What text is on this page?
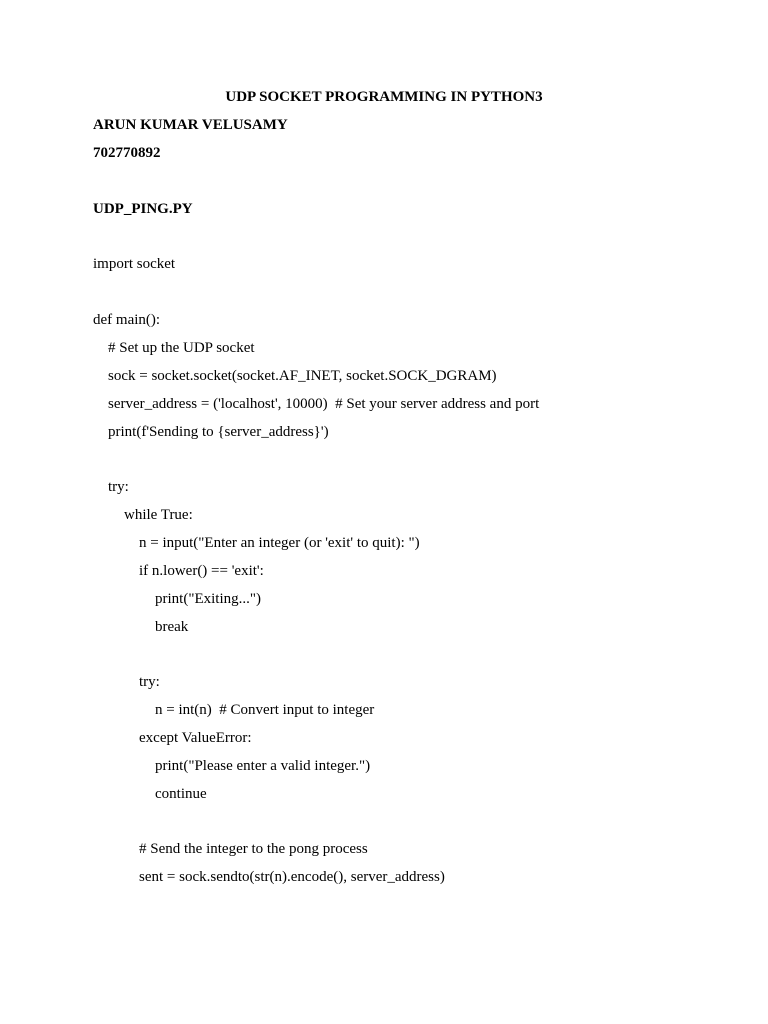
UDP SOCKET PROGRAMMING IN PYTHON3
ARUN KUMAR VELUSAMY
702770892
UDP_PING.PY
import socket
def main():
# Set up the UDP socket
sock = socket.socket(socket.AF_INET, socket.SOCK_DGRAM)
server_address = ('localhost', 10000)  # Set your server address and port
print(f'Sending to {server_address}')
try:
while True:
n = input("Enter an integer (or 'exit' to quit): ")
if n.lower() == 'exit':
print("Exiting...")
break
try:
n = int(n)  # Convert input to integer
except ValueError:
print("Please enter a valid integer.")
continue
# Send the integer to the pong process
sent = sock.sendto(str(n).encode(), server_address)
